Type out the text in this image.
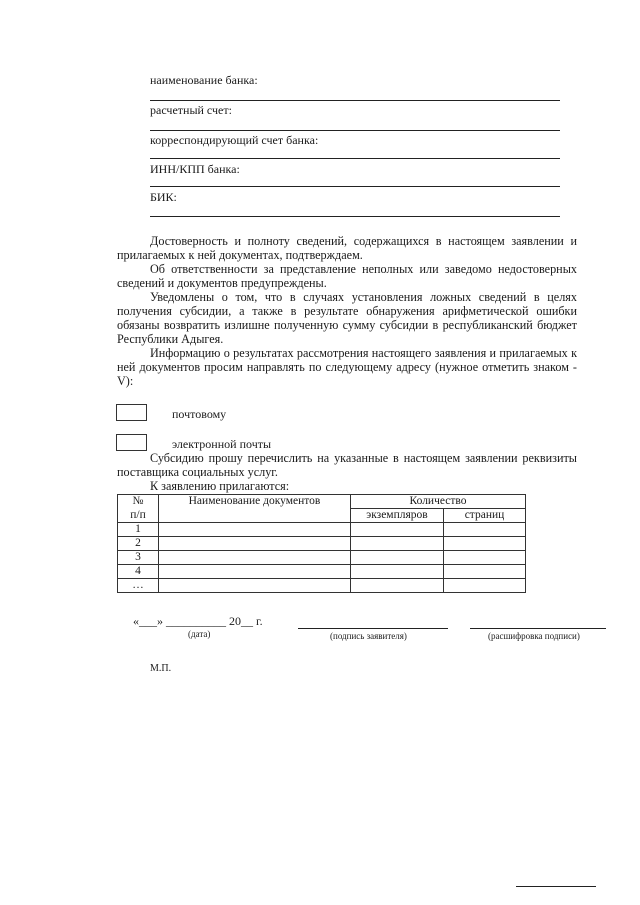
наименование банка:
расчетный счет:
корреспондирующий счет банка:
ИНН/КПП банка:
БИК:

Достоверность и полноту сведений, содержащихся в настоящем заявлении и прилагаемых к ней документах, подтверждаем.

Об ответственности за представление неполных или заведомо недостоверных сведений и документов предупреждены.

Уведомлены о том, что в случаях установления ложных сведений в целях получения субсидии, а также в результате обнаружения арифметической ошибки обязаны возвратить излишне полученную сумму субсидии в республиканский бюджет Республики Адыгея.

Информацию о результатах рассмотрения настоящего заявления и прилагаемых к ней документов просим направлять по следующему адресу (нужное отметить знаком - V):

почтовому
электронной почты

Субсидию прошу перечислить на указанные в настоящем заявлении реквизиты поставщика социальных услуг.

К заявлению прилагаются:

№	Наименование документов	Количество	
п/п		экземпляров	страниц
1			
2			
3			
4			
…			
«___» __________ 20__ г.
(дата)	(подпись заявителя)	(расшифровка подписи)
М.П.
